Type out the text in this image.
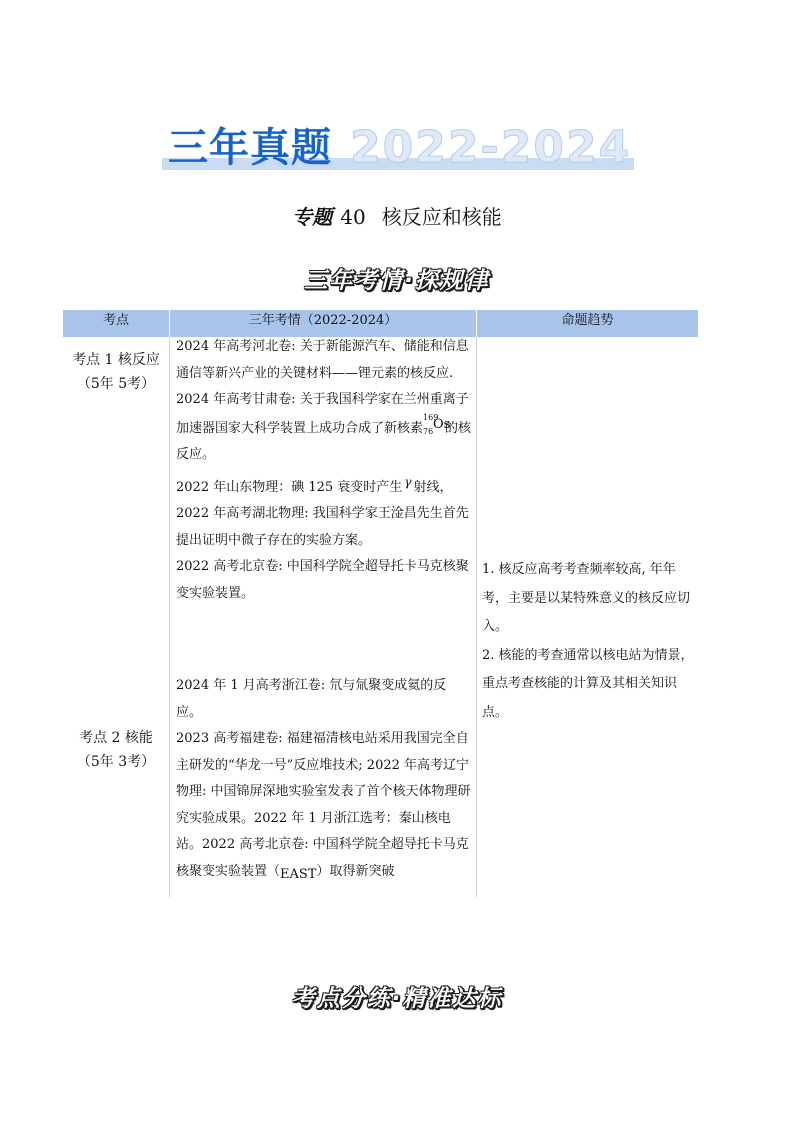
三年真题 2022-2024
专题 40 核反应和核能
三年考情·探规律
考点	三年考情（2022-2024）	命题趋势
考点 1 核反应
（5年 5考）

2024 年高考河北卷: 关于新能源汽车、储能和信息通信等新兴产业的关键材料——锂元素的核反应.

2024 年高考甘肃卷: 关于我国科学家在兰州重离子加速器国家大科学装置上成功合成了新核素
169
76 Os
的核反应。

2022 年山东物理：碘 125 衰变时产生 γ 射线，

2022 年高考湖北物理: 我国科学家王淦昌先生首先提出证明中微子存在的实验方案。

2022 高考北京卷: 中国科学院全超导托卡马克核聚变实验装置。

考点 2 核能
（5年 3考）

2024 年 1 月高考浙江卷: 氘与氚聚变成氦的反应。

2023 高考福建卷: 福建福清核电站采用我国完全自主研发的“华龙一号”反应堆技术; 2022 年高考辽宁物理: 中国锦屏深地实验室发表了首个核天体物理研究实验成果。2022 年 1 月浙江选考：秦山核电站。2022 高考北京卷: 中国科学院全超导托卡马克核聚变实验装置（EAST）取得新突破

1. 核反应高考考查频率较高, 年年考，主要是以某特殊意义的核反应切入。

2. 核能的考查通常以核电站为情景，重点考查核能的计算及其相关知识点。

考点分练·精准达标
